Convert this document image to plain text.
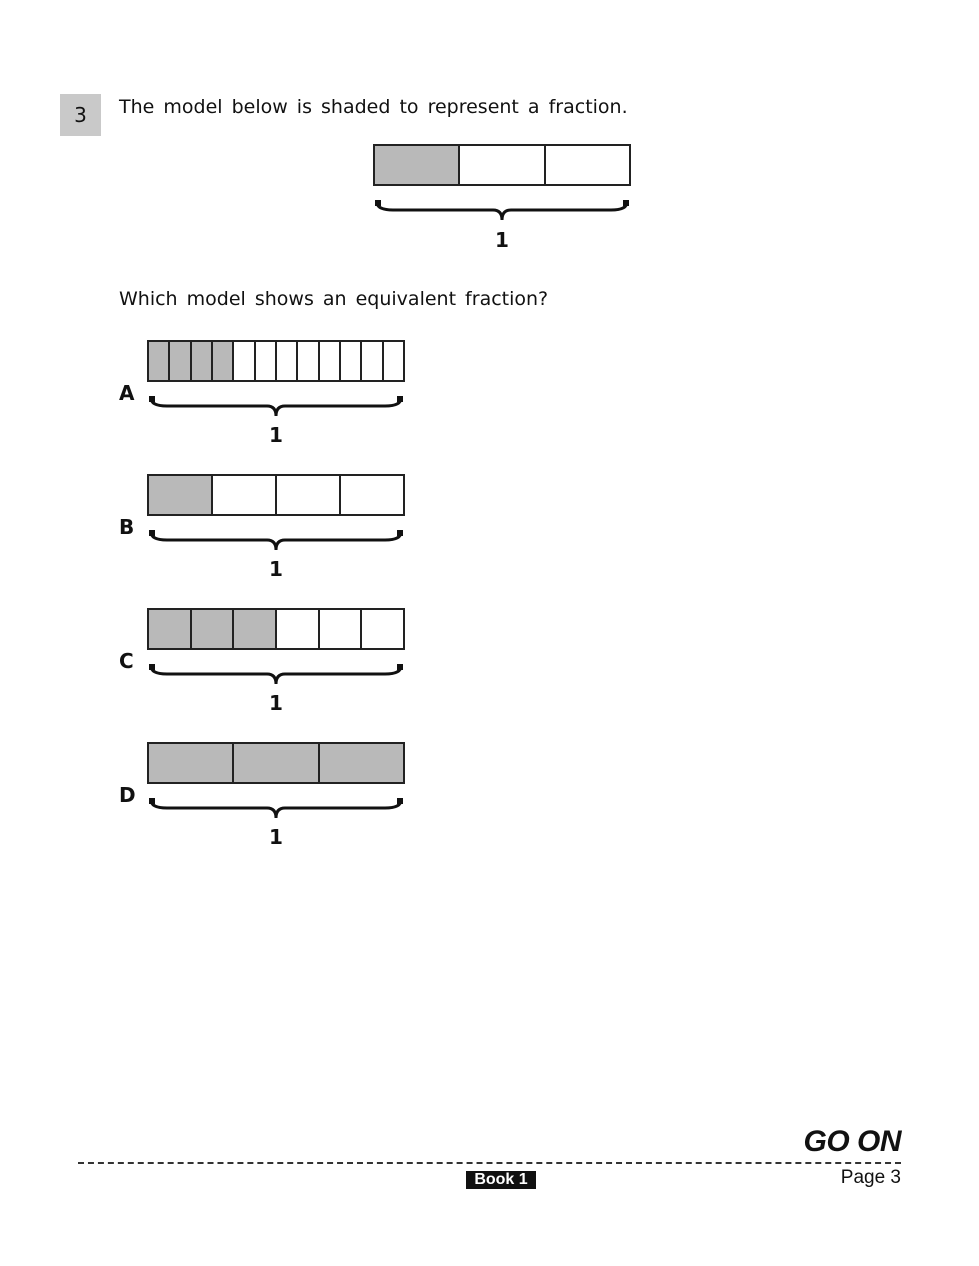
3	The model below is shaded to represent a fraction.
1
Which model shows an equivalent fraction?
A
1
B
1
C
1
D
1
GO ON
Book 1	Page 3
